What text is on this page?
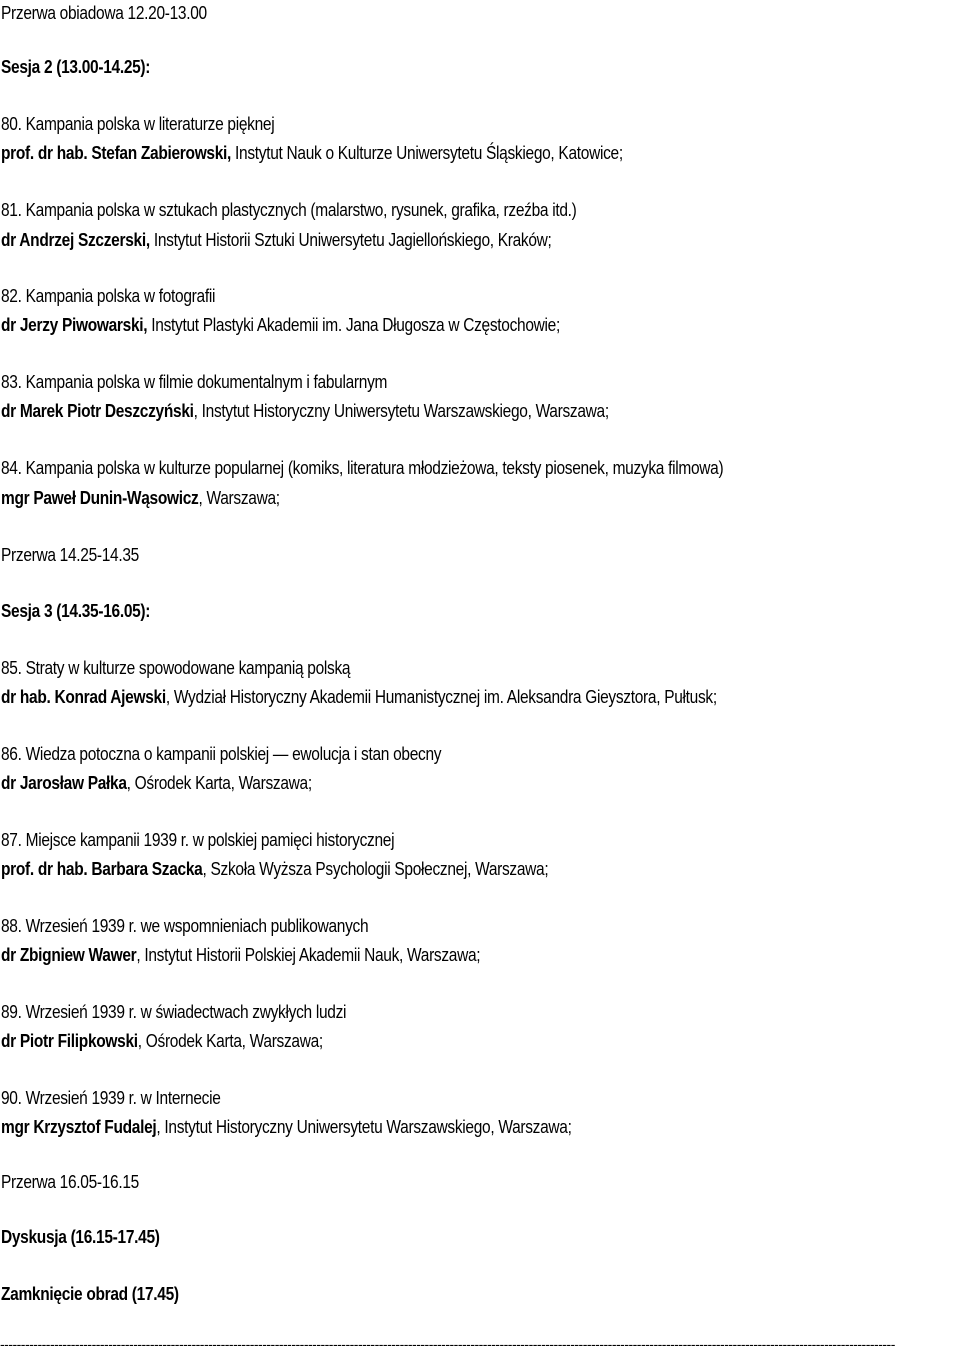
Przerwa obiadowa 12.20-13.00
Sesja 2 (13.00-14.25):
80. Kampania polska w literaturze pięknej
prof. dr hab. Stefan Zabierowski, Instytut Nauk o Kulturze Uniwersytetu Śląskiego, Katowice;
81. Kampania polska w sztukach plastycznych (malarstwo, rysunek, grafika, rzeźba itd.)
dr Andrzej Szczerski, Instytut Historii Sztuki Uniwersytetu Jagiellońskiego, Kraków;
82. Kampania polska w fotografii
dr Jerzy Piwowarski, Instytut Plastyki Akademii im. Jana Długosza w Częstochowie;
83. Kampania polska w filmie dokumentalnym i fabularnym
dr Marek Piotr Deszczyński, Instytut Historyczny Uniwersytetu Warszawskiego, Warszawa;
84. Kampania polska w kulturze popularnej (komiks, literatura młodzieżowa, teksty piosenek, muzyka filmowa)
mgr Paweł Dunin-Wąsowicz, Warszawa;
Przerwa 14.25-14.35
Sesja 3 (14.35-16.05):
85. Straty w kulturze spowodowane kampanią polską
dr hab. Konrad Ajewski, Wydział Historyczny Akademii Humanistycznej im. Aleksandra Gieysztora, Pułtusk;
86. Wiedza potoczna o kampanii polskiej — ewolucja i stan obecny
dr Jarosław Pałka, Ośrodek Karta, Warszawa;
87. Miejsce kampanii 1939 r. w polskiej pamięci historycznej
prof. dr hab. Barbara Szacka, Szkoła Wyższa Psychologii Społecznej, Warszawa;
88. Wrzesień 1939 r. we wspomnieniach publikowanych
dr Zbigniew Wawer, Instytut Historii Polskiej Akademii Nauk, Warszawa;
89. Wrzesień 1939 r. w świadectwach zwykłych ludzi
dr Piotr Filipkowski, Ośrodek Karta, Warszawa;
90. Wrzesień 1939 r. w Internecie
mgr Krzysztof Fudalej, Instytut Historyczny Uniwersytetu Warszawskiego, Warszawa;
Przerwa 16.05-16.15
Dyskusja (16.15-17.45)
Zamknięcie obrad (17.45)
-----------------------------------------------------------------------------------------------------------------------------------------------------------------------------------------------------------------------
